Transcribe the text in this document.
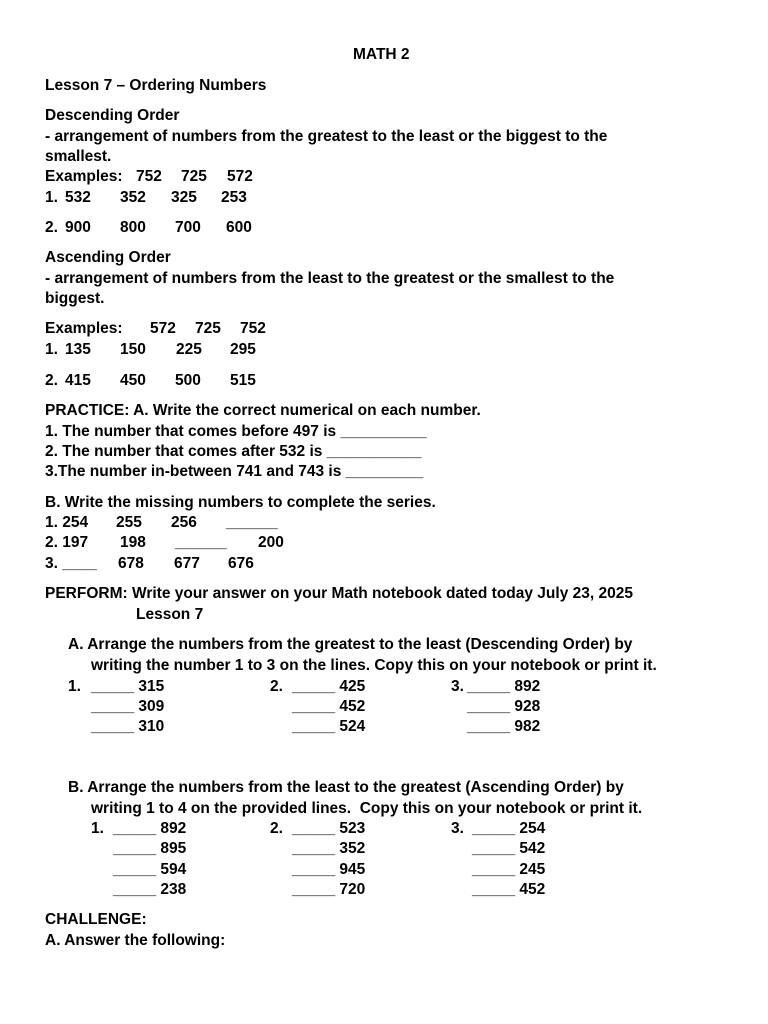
MATH 2
Lesson 7 – Ordering Numbers
Descending Order
- arrangement of numbers from the greatest to the least or the biggest to the
smallest.
Examples: 752 725 572
1. 532 352 325 253
2. 900 800 700 600
Ascending Order
- arrangement of numbers from the least to the greatest or the smallest to the
biggest.
Examples: 572 725 752
1. 135 150 225 295
2. 415 450 500 515
PRACTICE: A. Write the correct numerical on each number.
1. The number that comes before 497 is __________
2. The number that comes after 532 is ___________
3.The number in-between 741 and 743 is _________
B. Write the missing numbers to complete the series.
1. 254 255 256 ______
2. 197 198 ______ 200
3. ____ 678 677 676
PERFORM: Write your answer on your Math notebook dated today July 23, 2025
Lesson 7
A. Arrange the numbers from the greatest to the least (Descending Order) by
writing the number 1 to 3 on the lines. Copy this on your notebook or print it.
1. _____ 315
_____ 309
_____ 310
2. _____ 425
_____ 452
_____ 524
3. _____ 892
_____ 928
_____ 982
B. Arrange the numbers from the least to the greatest (Ascending Order) by
writing 1 to 4 on the provided lines.  Copy this on your notebook or print it.
1. _____ 892
_____ 895
_____ 594
_____ 238
2. _____ 523
_____ 352
_____ 945
_____ 720
3. _____ 254
_____ 542
_____ 245
_____ 452
CHALLENGE:
A. Answer the following:
